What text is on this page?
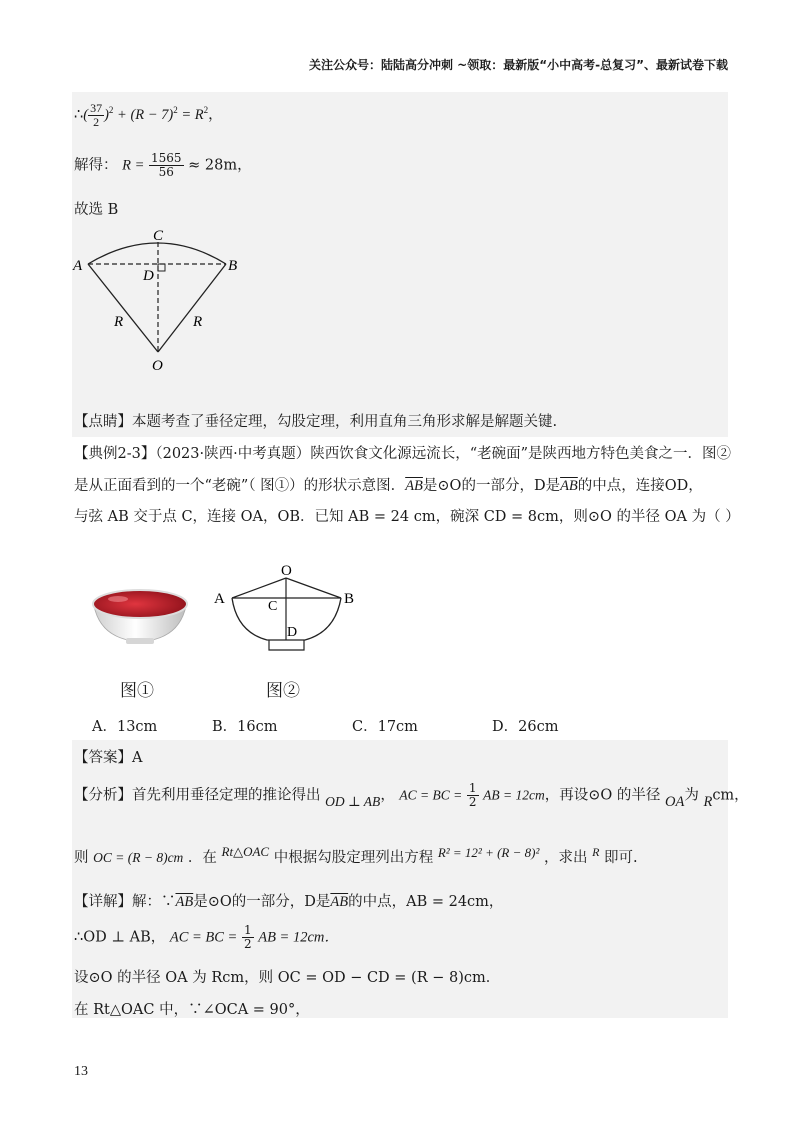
关注公众号：陆陆高分冲刺 ~领取：最新版“小中高考-总复习”、最新试卷下载
∴( $\frac{37}{2} )^2 + (R - 7)^2 = R^2$，
解得： $R = \frac{1565}{56} \approx 28m$，
故选 B
C
A	B
D
R	R
O
【点睛】本题考查了垂径定理，勾股定理，利用直角三角形求解是解题关键.
【典例2-3】（2023·陕西·中考真题）陕西饮食文化源远流长，“老碗面”是陕西地方特色美食之一．图②
是从正面看到的一个“老碗”（ 图①）的形状示意图．$\overline{AB}$是⊙O的一部分，D是$\overline{AB}$的中点，连接OD，
与弦 AB 交于点 C，连接 OA，OB．已知 AB = 24 cm，碗深 CD = 8cm，则⊙O 的半径 OA 为（ ）
O
A	B
C
D
图①	图②
A．13cm	B．16cm	C．17cm	D．26cm
【答案】A
【分析】首先利用垂径定理的推论得出 OD ⊥ AB， AC = BC = $\frac{1}{2}$ AB = 12cm，再设⊙O 的半径 OA为 Rcm，
则 OC = (R − 8)cm ．在 Rt△OAC 中根据勾股定理列出方程 R² = 12² + (R − 8)² ，求出 $^R$ 即可.
【详解】解：$\because\overline{AB}$是⊙O的一部分，D是$\overline{AB}$的中点，AB = 24cm，
∴OD ⊥ AB， AC = BC = $\frac{1}{2}$ AB = 12cm．
设⊙O 的半径 OA 为 Rcm，则 OC = OD − CD = (R − 8)cm．
在 Rt△OAC 中，∵∠OCA = 90°，
13
